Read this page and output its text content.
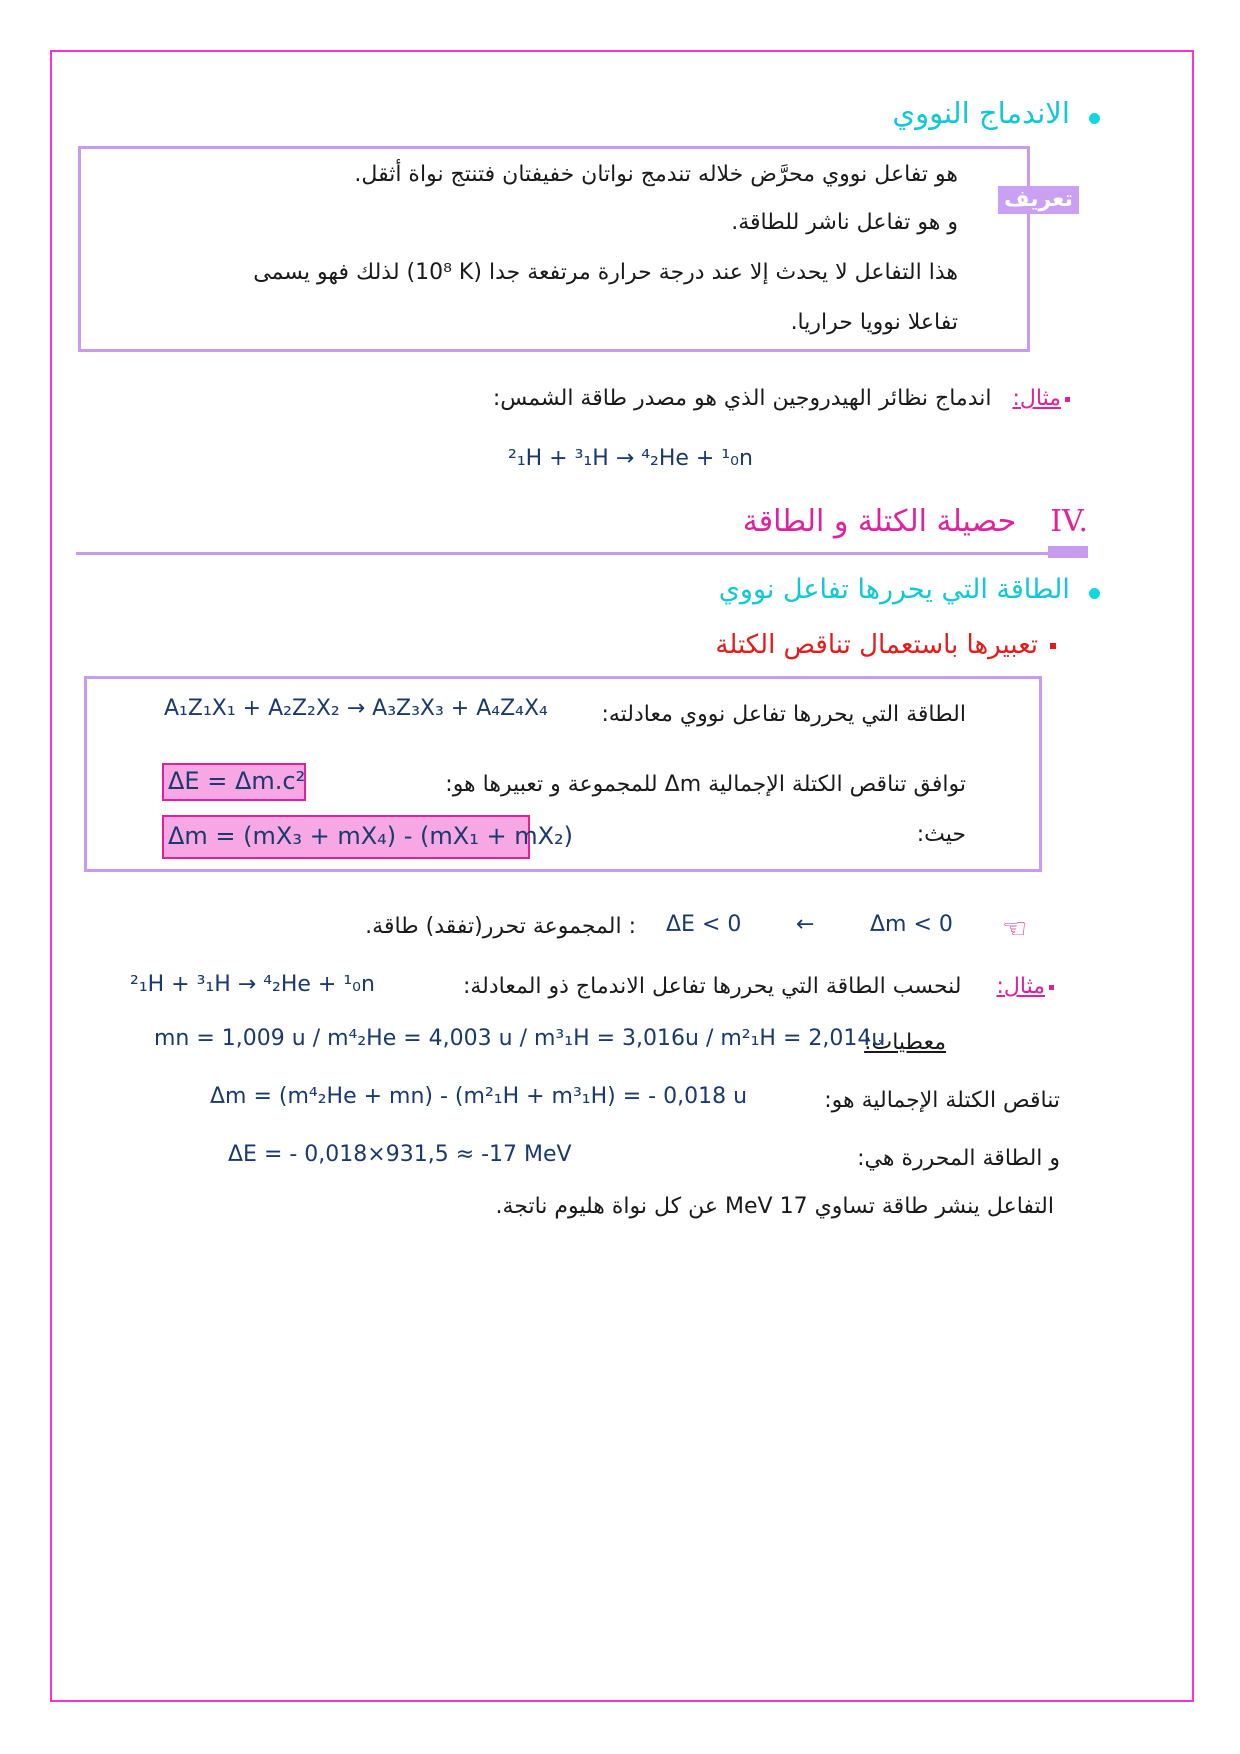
الاندماج النووي
تعريف
هو تفاعل نووي محرَّض خلاله تندمج نواتان خفيفتان فتنتج نواة أثقل.
و هو تفاعل ناشر للطاقة.
هذا التفاعل لا يحدث إلا عند درجة حرارة مرتفعة جدا (10⁸ K) لذلك فهو يسمى
تفاعلا نوويا حراريا.
مثال:   اندماج نظائر الهيدروجين الذي هو مصدر طاقة الشمس:
²₁H + ³₁H → ⁴₂He + ¹₀n
IV.حصيلة الكتلة و الطاقة
الطاقة التي يحررها تفاعل نووي
تعبيرها باستعمال تناقص الكتلة
الطاقة التي يحررها تفاعل نووي معادلته:
A₁Z₁X₁ + A₂Z₂X₂ → A₃Z₃X₃ + A₄Z₄X₄
توافق تناقص الكتلة الإجمالية Δm للمجموعة و تعبيرها هو:
ΔE = Δm.c²
حيث:
Δm = (mX₃ + mX₄) - (mX₁ + mX₂)
☜
Δm < 0
←
ΔE < 0
: المجموعة تحرر(تفقد) طاقة.
مثال:     لنحسب الطاقة التي يحررها تفاعل الاندماج ذو المعادلة:
²₁H + ³₁H → ⁴₂He + ¹₀n
معطيات:
mn = 1,009 u / m⁴₂He = 4,003 u / m³₁H = 3,016u / m²₁H = 2,014u
تناقص الكتلة الإجمالية هو:
Δm = (m⁴₂He + mn) - (m²₁H + m³₁H) = - 0,018 u
و الطاقة المحررة هي:
ΔE = - 0,018×931,5 ≈ -17 MeV
التفاعل ينشر طاقة تساوي 17 MeV عن كل نواة هليوم ناتجة.
